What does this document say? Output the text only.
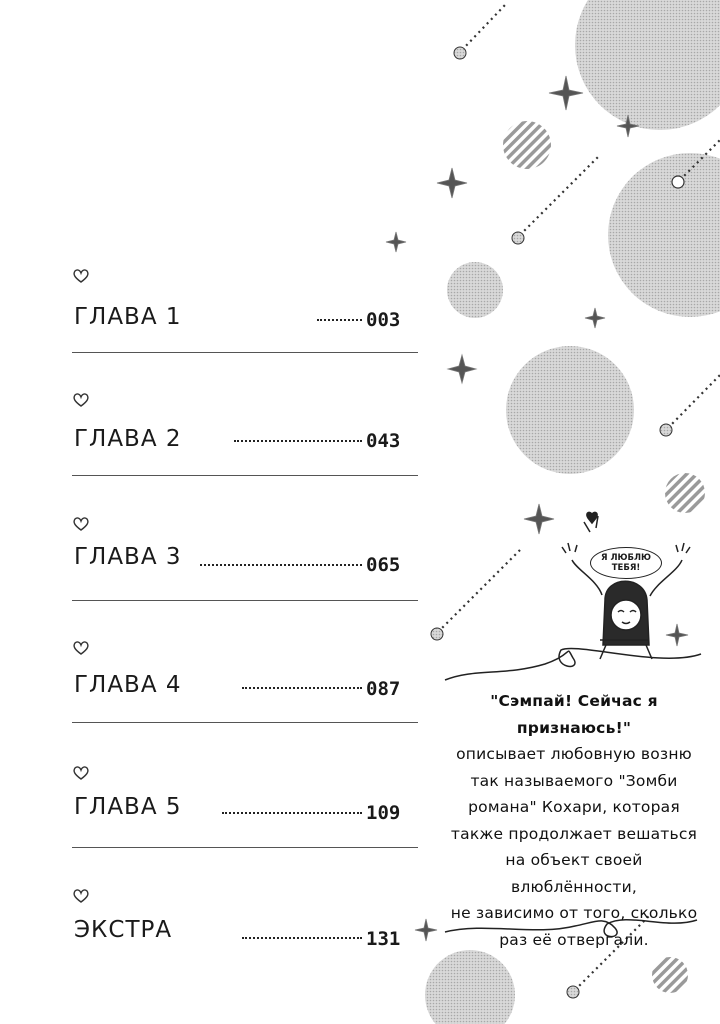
Я ЛЮБЛЮ ТЕБЯ!
ГЛАВА 1	003
ГЛАВА 2	043
ГЛАВА 3	065
ГЛАВА 4	087
ГЛАВА 5	109
ЭКСТРА	131
"Сэмпай! Сейчас я признаюсь!"
описывает любовную возню
так называемого "Зомби
романа" Кохари, которая
также продолжает вешаться
на объект своей влюблённости,
не зависимо от того, сколько
раз её отвергали.
